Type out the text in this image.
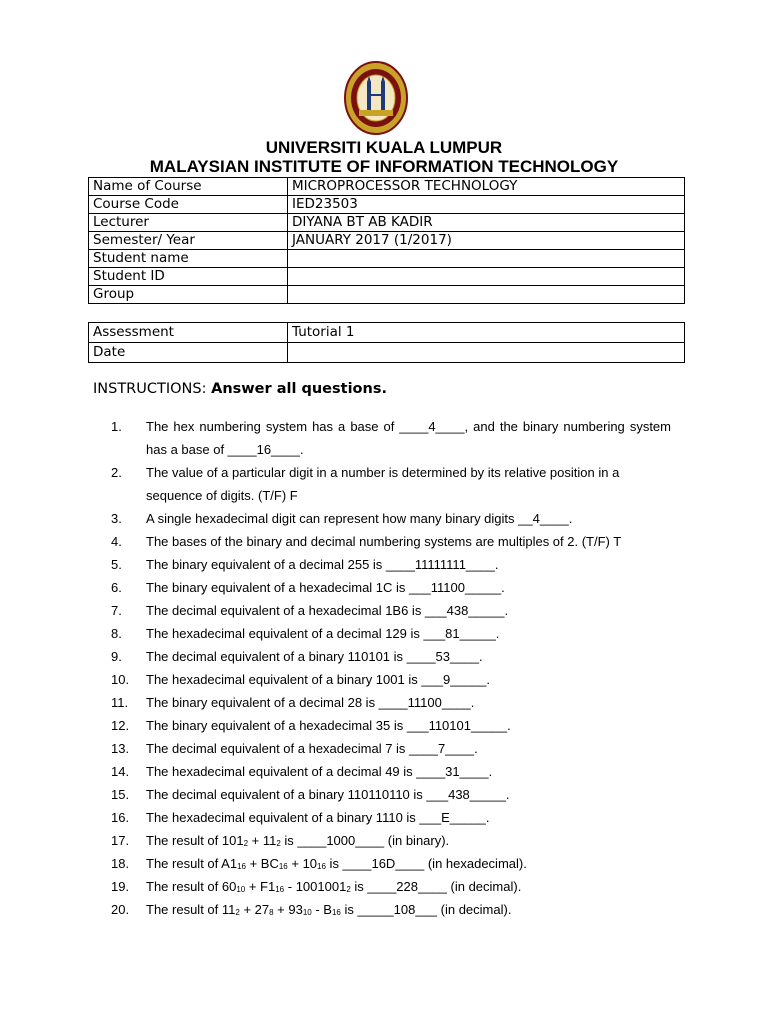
UNIVERSITI KUALA LUMPUR
MALAYSIAN INSTITUTE OF INFORMATION TECHNOLOGY
Name of Course	MICROPROCESSOR TECHNOLOGY
Course Code	IED23503
Lecturer	DIYANA BT AB KADIR
Semester/ Year	JANUARY 2017 (1/2017)
Student name	
Student ID	
Group	
Assessment	Tutorial 1
Date	
INSTRUCTIONS: Answer all questions.
1.	The hex numbering system has a base of ____4____, and the binary numbering system has a base of ____16____.
2.	The value of a particular digit in a number is determined by its relative position in a sequence of digits. (T/F) F
3.	A single hexadecimal digit can represent how many binary digits __4____.
4.	The bases of the binary and decimal numbering systems are multiples of 2. (T/F) T
5.	The binary equivalent of a decimal 255 is ____11111111____.
6.	The binary equivalent of a hexadecimal 1C is ___11100_____.
7.	The decimal equivalent of a hexadecimal 1B6 is ___438_____.
8.	The hexadecimal equivalent of a decimal 129 is ___81_____.
9.	The decimal equivalent of a binary 110101 is ____53____.
10.	The hexadecimal equivalent of a binary 1001 is ___9_____.
11.	The binary equivalent of a decimal 28 is ____11100____.
12.	The binary equivalent of a hexadecimal 35 is ___110101_____.
13.	The decimal equivalent of a hexadecimal 7 is ____7____.
14.	The hexadecimal equivalent of a decimal 49 is ____31____.
15.	The decimal equivalent of a binary 110110110 is ___438_____.
16.	The hexadecimal equivalent of a binary 1110 is ___E_____.
17.	The result of $101_2 + 11_2$ is ____1000____ (in binary).
18.	The result of $A1_{16} + BC_{16} + 10_{16}$ is ____16D____ (in hexadecimal).
19.	The result of $60_{10} + F1_{16} - 1001001_2$ is ____228____ (in decimal).
20.	The result of $11_2 + 27_8 + 93_{10} - B_{16}$ is _____108___ (in decimal).
